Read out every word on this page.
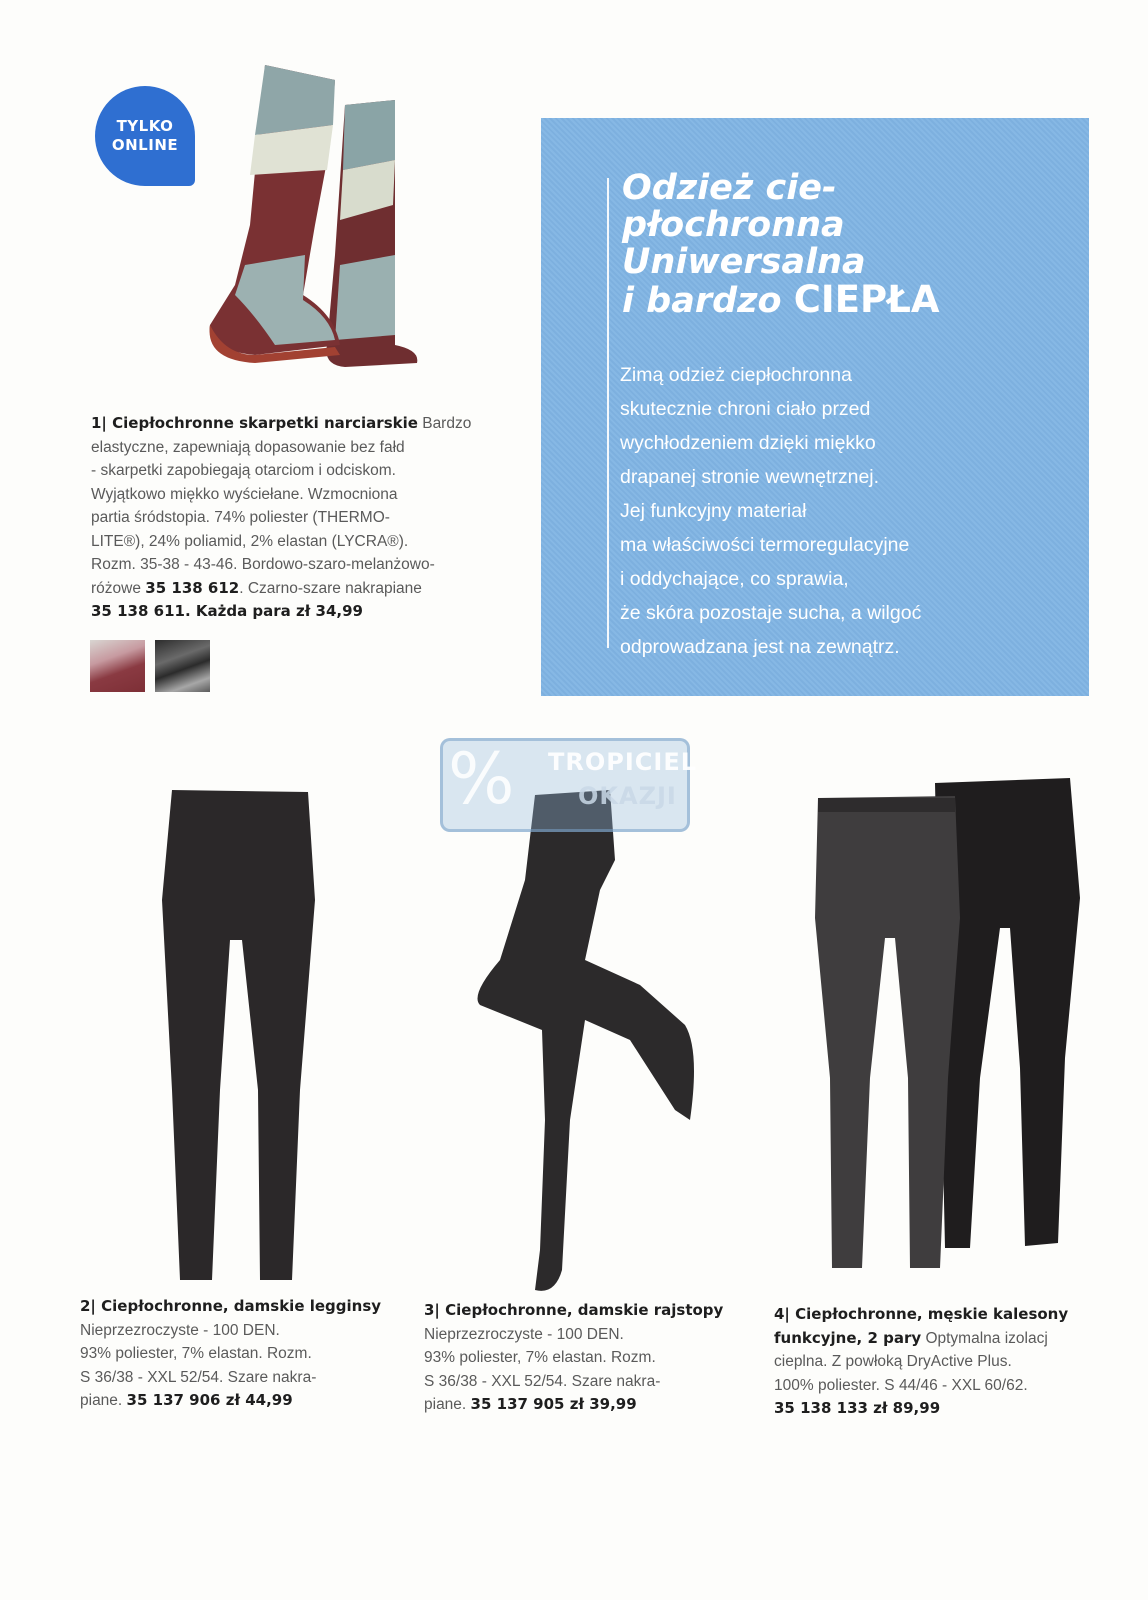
TYLKO
ONLINE
1| Ciepłochronne skarpetki narciarskie Bardzo
elastyczne, zapewniają dopasowanie bez fałd
- skarpetki zapobiegają otarciom i odciskom.
Wyjątkowo miękko wyściełane. Wzmocniona
partia śródstopia. 74% poliester (THERMO-
LITE®), 24% poliamid, 2% elastan (LYCRA®).
Rozm. 35-38 - 43-46. Bordowo-szaro-melanżowo-
różowe 35 138 612. Czarno-szare nakrapiane
35 138 611. Każda para zł 34,99
Odzież cie-
płochronna
Uniwersalna
i bardzo CIEPŁA
Zimą odzież ciepłochronna
skutecznie chroni ciało przed
wychłodzeniem dzięki miękko
drapanej stronie wewnętrznej.
Jej funkcyjny materiał
ma właściwości termoregulacyjne
i oddychające, co sprawia,
że skóra pozostaje sucha, a wilgoć
odprowadzana jest na zewnątrz.
% TROPICIEL
OKAZJI
2| Ciepłochronne, damskie legginsy
Nieprzezroczyste - 100 DEN.
93% poliester, 7% elastan. Rozm.
S 36/38 - XXL 52/54. Szare nakra-
piane. 35 137 906 zł 44,99
3| Ciepłochronne, damskie rajstopy
Nieprzezroczyste - 100 DEN.
93% poliester, 7% elastan. Rozm.
S 36/38 - XXL 52/54. Szare nakra-
piane. 35 137 905 zł 39,99
4| Ciepłochronne, męskie kalesony
funkcyjne, 2 pary Optymalna izolacj
cieplna. Z powłoką DryActive Plus.
100% poliester. S 44/46 - XXL 60/62.
35 138 133 zł 89,99
